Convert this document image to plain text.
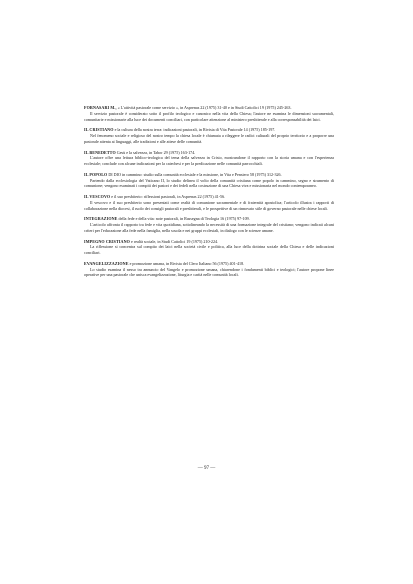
FORNASARI M., « L'attività pastorale come servizio », in Asprenas 22 (1975) 31-40 e in Studi Cattolici 19 (1975) 245-263.

Il servizio pastorale è considerato sotto il profilo teologico e canonico nella vita della Chiesa; l'autore ne esamina le dimensioni sacramentali, comunitarie e missionarie alla luce dei documenti conciliari, con particolare attenzione al ministero presbiterale e alla corresponsabilità dei laici.

IL CRISTIANO e la cultura della nostra terra: indicazioni pastorali, in Rivista di Vita Pastorale 14 (1975) 185-197.

Nel fenomeno sociale e religioso del nostro tempo la chiesa locale è chiamata a rileggere le radici culturali del proprio territorio e a proporre una pastorale attenta ai linguaggi, alle tradizioni e alle attese delle comunità.

IL BENEDETTO Gesù e la salvezza, in Tabor 29 (1975) 163-174.

L'autore offre una lettura biblico-teologica del tema della salvezza in Cristo, mostrandone il rapporto con la storia umana e con l'esperienza ecclesiale; conclude con alcune indicazioni per la catechesi e per la predicazione nelle comunità parrocchiali.

IL POPOLO DI DIO in cammino: studio sulla comunità ecclesiale e la missione, in Vita e Pensiero 58 (1975) 312-326.

Partendo dalla ecclesiologia del Vaticano II, lo studio delinea il volto della comunità cristiana come popolo in cammino, segno e strumento di comunione; vengono esaminati i compiti dei pastori e dei fedeli nella costruzione di una Chiesa viva e missionaria nel mondo contemporaneo.

IL VESCOVO e il suo presbiterio: riflessioni pastorali, in Asprenas 22 (1975) 41-56.

Il vescovo e il suo presbiterio sono presentati come realtà di comunione sacramentale e di fraternità apostolica; l'articolo illustra i rapporti di collaborazione nella diocesi, il ruolo dei consigli pastorali e presbiterali, e le prospettive di un rinnovato stile di governo pastorale nelle chiese locali.

INTEGRAZIONE della fede e della vita: note pastorali, in Rassegna di Teologia 16 (1975) 97-109.

L'articolo affronta il rapporto tra fede e vita quotidiana, sottolineando la necessità di una formazione integrale del cristiano; vengono indicati alcuni criteri per l'educazione alla fede nella famiglia, nella scuola e nei gruppi ecclesiali, in dialogo con le scienze umane.

IMPEGNO CRISTIANO e realtà sociale, in Studi Cattolici 19 (1975) 210-224.

La riflessione si concentra sul compito dei laici nella società civile e politica, alla luce della dottrina sociale della Chiesa e delle indicazioni conciliari.

EVANGELIZZAZIONE e promozione umana, in Rivista del Clero Italiano 56 (1975) 401-418.

Lo studio esamina il nesso tra annuncio del Vangelo e promozione umana, chiarendone i fondamenti biblici e teologici; l'autore propone linee operative per una pastorale che unisca evangelizzazione, liturgia e carità nelle comunità locali.

— 97 —
